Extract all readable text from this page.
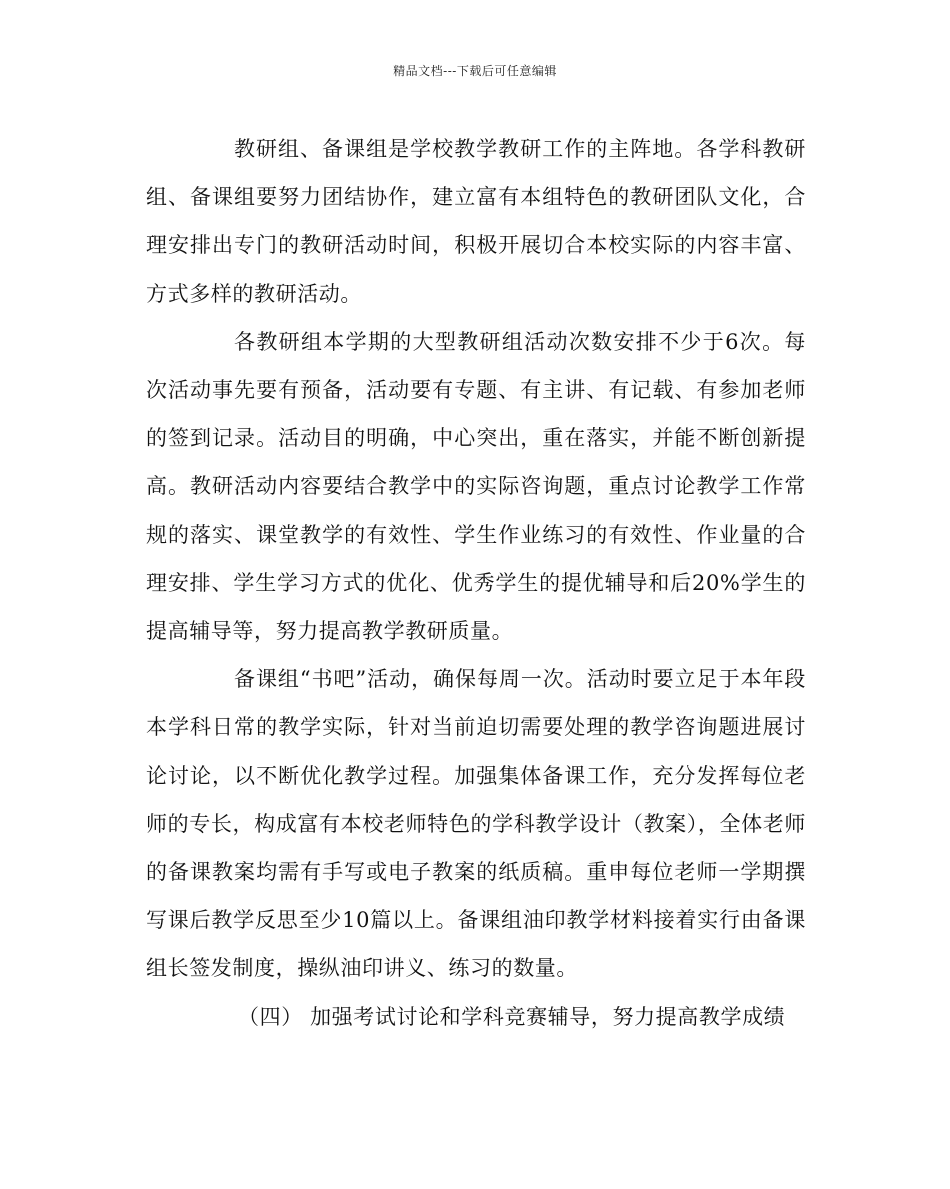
精品文档---下载后可任意编辑

教研组、备课组是学校教学教研工作的主阵地。各学科教研组、备课组要努力团结协作，建立富有本组特色的教研团队文化，合理安排出专门的教研活动时间，积极开展切合本校实际的内容丰富、方式多样的教研活动。

各教研组本学期的大型教研组活动次数安排不少于6次。每次活动事先要有预备，活动要有专题、有主讲、有记载、有参加老师的签到记录。活动目的明确，中心突出，重在落实，并能不断创新提高。教研活动内容要结合教学中的实际咨询题，重点讨论教学工作常规的落实、课堂教学的有效性、学生作业练习的有效性、作业量的合理安排、学生学习方式的优化、优秀学生的提优辅导和后20%学生的提高辅导等，努力提高教学教研质量。

备课组“书吧”活动，确保每周一次。活动时要立足于本年段本学科日常的教学实际，针对当前迫切需要处理的教学咨询题进展讨论讨论，以不断优化教学过程。加强集体备课工作，充分发挥每位老师的专长，构成富有本校老师特色的学科教学设计（教案），全体老师的备课教案均需有手写或电子教案的纸质稿。重申每位老师一学期撰写课后教学反思至少10篇以上。备课组油印教学材料接着实行由备课组长签发制度，操纵油印讲义、练习的数量。

（四） 加强考试讨论和学科竞赛辅导，努力提高教学成绩
